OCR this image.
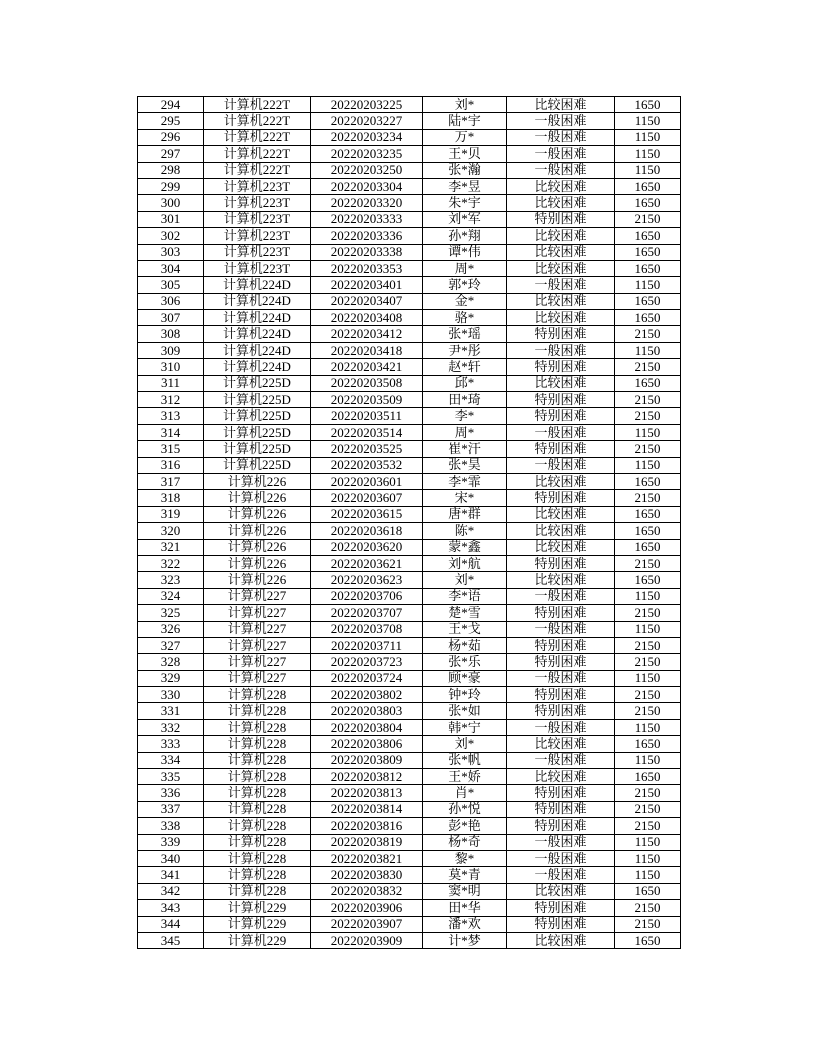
294	计算机222T	20220203225	刘*	比较困难	1650
295	计算机222T	20220203227	陆*宇	一般困难	1150
296	计算机222T	20220203234	万*	一般困难	1150
297	计算机222T	20220203235	王*贝	一般困难	1150
298	计算机222T	20220203250	张*瀚	一般困难	1150
299	计算机223T	20220203304	李*昱	比较困难	1650
300	计算机223T	20220203320	朱*宇	比较困难	1650
301	计算机223T	20220203333	刘*军	特别困难	2150
302	计算机223T	20220203336	孙*翔	比较困难	1650
303	计算机223T	20220203338	谭*伟	比较困难	1650
304	计算机223T	20220203353	周*	比较困难	1650
305	计算机224D	20220203401	郭*玲	一般困难	1150
306	计算机224D	20220203407	金*	比较困难	1650
307	计算机224D	20220203408	骆*	比较困难	1650
308	计算机224D	20220203412	张*瑶	特别困难	2150
309	计算机224D	20220203418	尹*彤	一般困难	1150
310	计算机224D	20220203421	赵*轩	特别困难	2150
311	计算机225D	20220203508	邱*	比较困难	1650
312	计算机225D	20220203509	田*琦	特别困难	2150
313	计算机225D	20220203511	李*	特别困难	2150
314	计算机225D	20220203514	周*	一般困难	1150
315	计算机225D	20220203525	崔*汗	特别困难	2150
316	计算机225D	20220203532	张*昊	一般困难	1150
317	计算机226	20220203601	李*霏	比较困难	1650
318	计算机226	20220203607	宋*	特别困难	2150
319	计算机226	20220203615	唐*群	比较困难	1650
320	计算机226	20220203618	陈*	比较困难	1650
321	计算机226	20220203620	蒙*鑫	比较困难	1650
322	计算机226	20220203621	刘*航	特别困难	2150
323	计算机226	20220203623	刘*	比较困难	1650
324	计算机227	20220203706	李*语	一般困难	1150
325	计算机227	20220203707	楚*雪	特别困难	2150
326	计算机227	20220203708	王*戈	一般困难	1150
327	计算机227	20220203711	杨*茹	特别困难	2150
328	计算机227	20220203723	张*乐	特别困难	2150
329	计算机227	20220203724	顾*豪	一般困难	1150
330	计算机228	20220203802	钟*玲	特别困难	2150
331	计算机228	20220203803	张*如	特别困难	2150
332	计算机228	20220203804	韩*宁	一般困难	1150
333	计算机228	20220203806	刘*	比较困难	1650
334	计算机228	20220203809	张*帆	一般困难	1150
335	计算机228	20220203812	王*娇	比较困难	1650
336	计算机228	20220203813	肖*	特别困难	2150
337	计算机228	20220203814	孙*悦	特别困难	2150
338	计算机228	20220203816	彭*艳	特别困难	2150
339	计算机228	20220203819	杨*奇	一般困难	1150
340	计算机228	20220203821	黎*	一般困难	1150
341	计算机228	20220203830	莫*青	一般困难	1150
342	计算机228	20220203832	窦*明	比较困难	1650
343	计算机229	20220203906	田*华	特别困难	2150
344	计算机229	20220203907	潘*欢	特别困难	2150
345	计算机229	20220203909	计*梦	比较困难	1650
